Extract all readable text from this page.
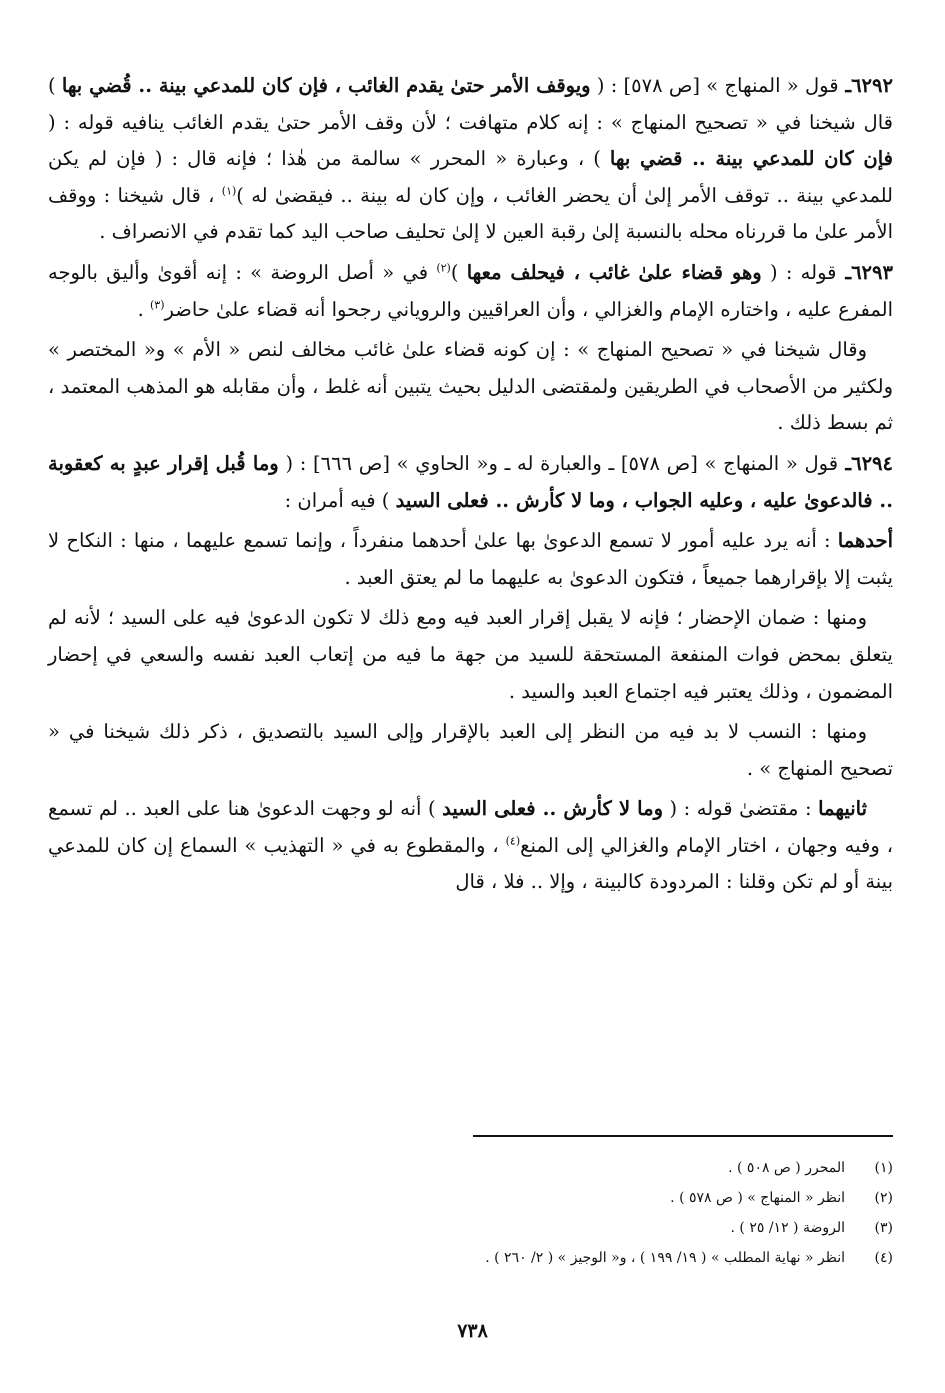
٦٢٩٢ـ قول « المنهاج » [ص ٥٧٨] : ( ويوقف الأمر حتىٰ يقدم الغائب ، فإن كان للمدعي بينة .. قُضي بها ) قال شيخنا في « تصحيح المنهاج » : إنه كلام متهافت ؛ لأن وقف الأمر حتىٰ يقدم الغائب ينافيه قوله : ( فإن كان للمدعي بينة .. قضي بها ) ، وعبارة « المحرر » سالمة من هٰذا ؛ فإنه قال : ( فإن لم يكن للمدعي بينة .. توقف الأمر إلىٰ أن يحضر الغائب ، وإن كان له بينة .. فيقضىٰ له )$^{(١)}$ ، قال شيخنا : ووقف الأمر علىٰ ما قررناه محله بالنسبة إلىٰ رقبة العين لا إلىٰ تحليف صاحب اليد كما تقدم في الانصراف .

٦٢٩٣ـ قوله : ( وهو قضاء علىٰ غائب ، فيحلف معها )$^{(٢)}$ في « أصل الروضة » : إنه أقوىٰ وأليق بالوجه المفرع عليه ، واختاره الإمام والغزالي ، وأن العراقيين والروياني رجحوا أنه قضاء علىٰ حاضر$^{(٣)}$ .

وقال شيخنا في « تصحيح المنهاج » : إن كونه قضاء علىٰ غائب مخالف لنص « الأم » و« المختصر » ولكثير من الأصحاب في الطريقين ولمقتضى الدليل بحيث يتبين أنه غلط ، وأن مقابله هو المذهب المعتمد ، ثم بسط ذلك .

٦٢٩٤ـ قول « المنهاج » [ص ٥٧٨] ـ والعبارة له ـ و« الحاوي » [ص ٦٦٦] : ( وما قُبل إقرار عبدٍ به كعقوبة .. فالدعوىٰ عليه ، وعليه الجواب ، وما لا كأرش .. فعلى السيد ) فيه أمران :

أحدهما : أنه يرد عليه أمور لا تسمع الدعوىٰ بها علىٰ أحدهما منفرداً ، وإنما تسمع عليهما ، منها : النكاح لا يثبت إلا بإقرارهما جميعاً ، فتكون الدعوىٰ به عليهما ما لم يعتق العبد .

ومنها : ضمان الإحضار ؛ فإنه لا يقبل إقرار العبد فيه ومع ذلك لا تكون الدعوىٰ فيه على السيد ؛ لأنه لم يتعلق بمحض فوات المنفعة المستحقة للسيد من جهة ما فيه من إتعاب العبد نفسه والسعي في إحضار المضمون ، وذلك يعتبر فيه اجتماع العبد والسيد .

ومنها : النسب لا بد فيه من النظر إلى العبد بالإقرار وإلى السيد بالتصديق ، ذكر ذلك شيخنا في « تصحيح المنهاج » .

ثانيهما : مقتضىٰ قوله : ( وما لا كأرش .. فعلى السيد ) أنه لو وجهت الدعوىٰ هنا على العبد .. لم تسمع ، وفيه وجهان ، اختار الإمام والغزالي إلى المنع$^{(٤)}$ ، والمقطوع به في « التهذيب » السماع إن كان للمدعي بينة أو لم تكن وقلنا : المردودة كالبينة ، وإلا .. فلا ، قال

(١)
المحرر ( ص ٥٠٨ ) .
(٢)
انظر « المنهاج » ( ص ٥٧٨ ) .
(٣)
الروضة ( ١٢/ ٢٥ ) .
(٤)
انظر « نهاية المطلب » ( ١٩/ ١٩٩ ) ، و« الوجيز » ( ٢/ ٢٦٠ ) .
٧٣٨
